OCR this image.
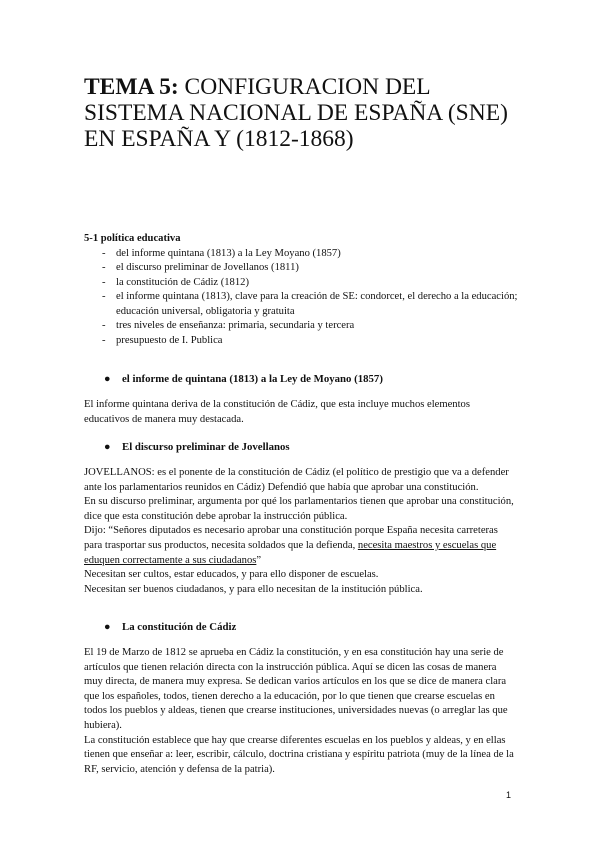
TEMA 5: CONFIGURACION DEL SISTEMA NACIONAL DE ESPAÑA (SNE) EN ESPAÑA Y (1812-1868)
5-1 política educativa
- del informe quintana (1813) a la Ley Moyano (1857)
- el discurso preliminar de Jovellanos (1811)
- la constitución de Cádiz (1812)
- el informe quintana (1813), clave para la creación de SE: condorcet, el derecho a la educación; educación universal, obligatoria y gratuita
- tres niveles de enseñanza: primaria, secundaria y tercera
- presupuesto de I. Publica
● el informe de quintana (1813) a la Ley de Moyano (1857)

El informe quintana deriva de la constitución de Cádiz, que esta incluye muchos elementos educativos de manera muy destacada.

● El discurso preliminar de Jovellanos

JOVELLANOS: es el ponente de la constitución de Cádiz (el político de prestigio que va a defender ante los parlamentarios reunidos en Cádiz) Defendió que había que aprobar una constitución.

En su discurso preliminar, argumenta por qué los parlamentarios tienen que aprobar una constitución, dice que esta constitución debe aprobar la instrucción pública.

Dijo: “Señores diputados es necesario aprobar una constitución porque España necesita carreteras para trasportar sus productos, necesita soldados que la defienda, necesita maestros y escuelas que eduquen correctamente a sus ciudadanos”

Necesitan ser cultos, estar educados, y para ello disponer de escuelas.

Necesitan ser buenos ciudadanos, y para ello necesitan de la institución pública.

● La constitución de Cádiz

El 19 de Marzo de 1812 se aprueba en Cádiz la constitución, y en esa constitución hay una serie de artículos que tienen relación directa con la instrucción pública. Aquí se dicen las cosas de manera muy directa, de manera muy expresa. Se dedican varios artículos en los que se dice de manera clara que los españoles, todos, tienen derecho a la educación, por lo que tienen que crearse escuelas en todos los pueblos y aldeas, tienen que crearse instituciones, universidades nuevas (o arreglar las que hubiera).

La constitución establece que hay que crearse diferentes escuelas en los pueblos y aldeas, y en ellas tienen que enseñar a: leer, escribir, cálculo, doctrina cristiana y espíritu patriota (muy de la línea de la RF, servicio, atención y defensa de la patria).

1
